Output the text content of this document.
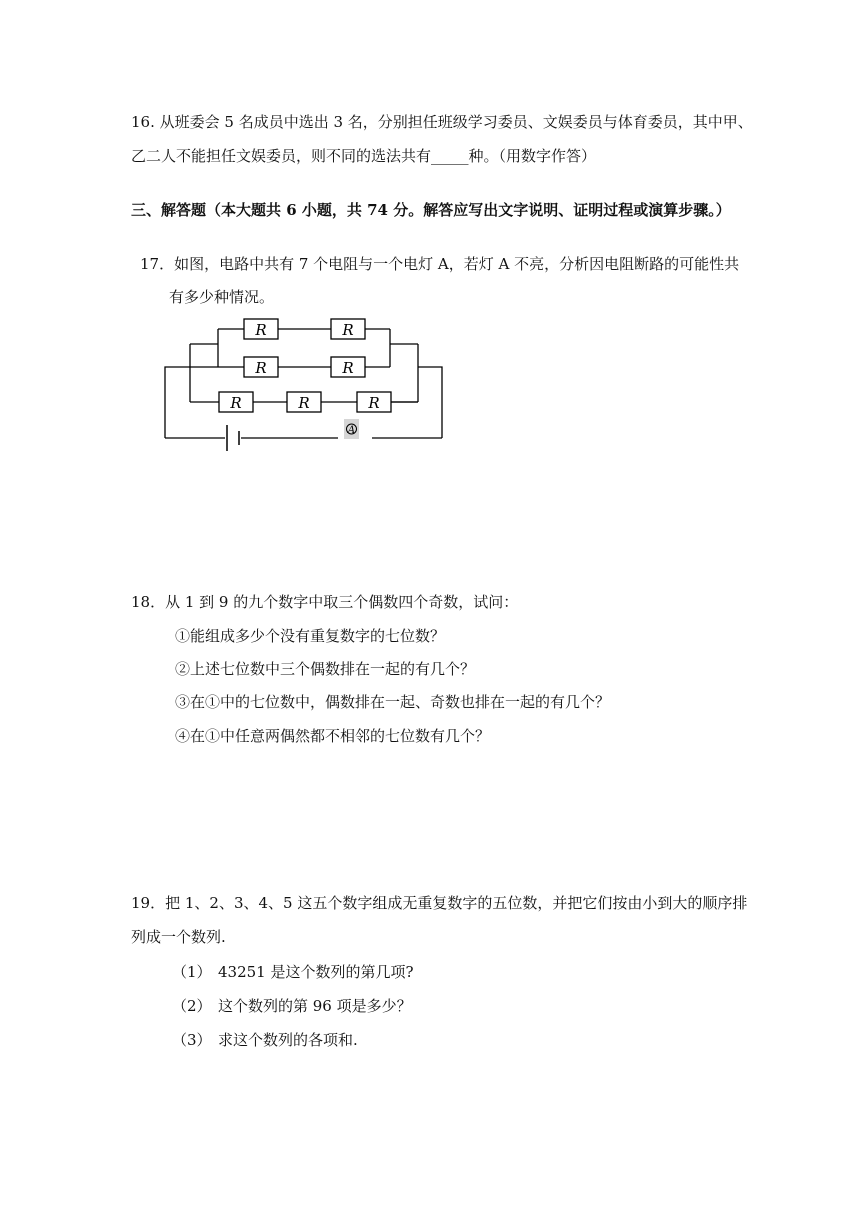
16. 从班委会 5 名成员中选出 3 名，分别担任班级学习委员、文娱委员与体育委员，其中甲、
乙二人不能担任文娱委员，则不同的选法共有_____种。（用数字作答）
三、解答题（本大题共 6 小题，共 74 分。解答应写出文字说明、证明过程或演算步骤。）
17．如图，电路中共有 7 个电阻与一个电灯 A，若灯 A 不亮，分析因电阻断路的可能性共
有多少种情况。
R	R
R	R
R	R	R
A
18．从 1 到 9 的九个数字中取三个偶数四个奇数，试问：
①能组成多少个没有重复数字的七位数？
②上述七位数中三个偶数排在一起的有几个？
③在①中的七位数中，偶数排在一起、奇数也排在一起的有几个？
④在①中任意两偶然都不相邻的七位数有几个？
19．把 1、2、3、4、5 这五个数字组成无重复数字的五位数，并把它们按由小到大的顺序排
列成一个数列.
（1） 43251 是这个数列的第几项?
（2） 这个数列的第 96 项是多少？
（3） 求这个数列的各项和.
